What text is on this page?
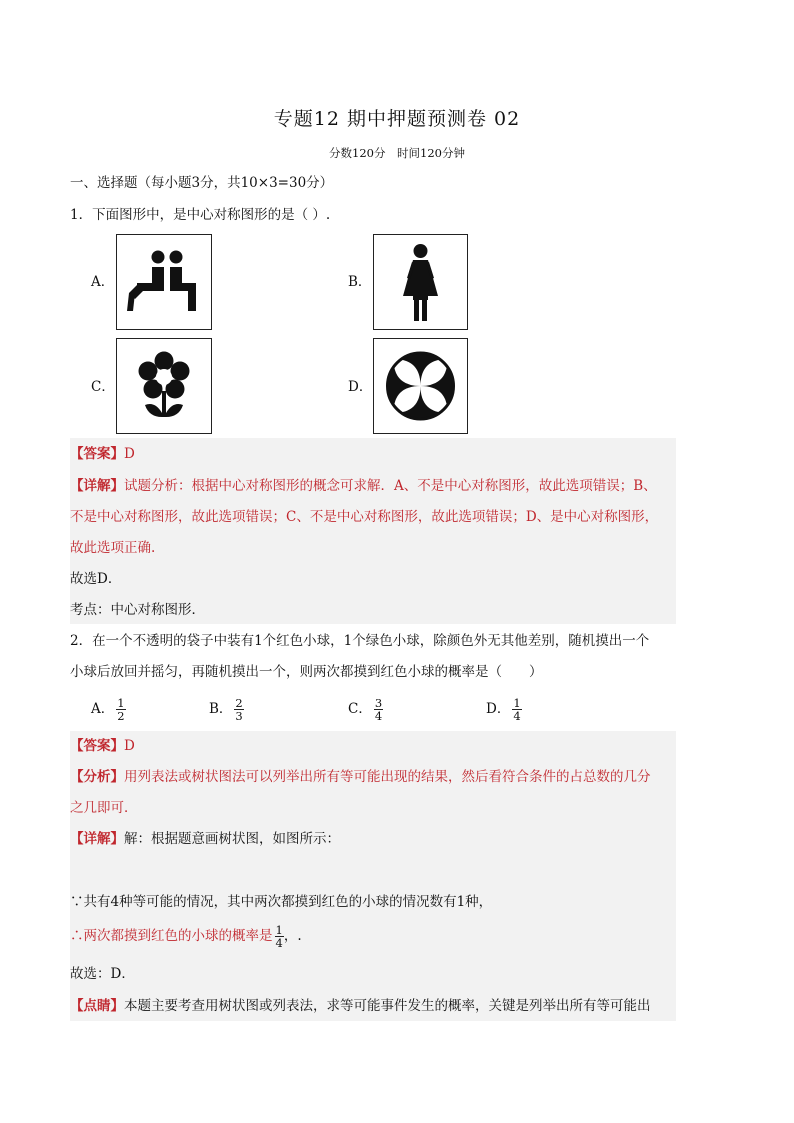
专题12 期中押题预测卷 02
分数120分　时间120分钟
一、选择题（每小题3分，共10×3=30分）
1．下面图形中，是中心对称图形的是（ ）.
A．	B．
C．	D．
【答案】D
【详解】试题分析：根据中心对称图形的概念可求解．A、不是中心对称图形，故此选项错误；B、
不是中心对称图形，故此选项错误；C、不是中心对称图形，故此选项错误；D、是中心对称图形，
故此选项正确.
故选D．
考点：中心对称图形．
2．在一个不透明的袋子中装有1个红色小球，1个绿色小球，除颜色外无其他差别，随机摸出一个
小球后放回并摇匀，再随机摸出一个，则两次都摸到红色小球的概率是（　　）
A． $\frac{1}{2}$	B． $\frac{2}{3}$	C． $\frac{3}{4}$	D． $\frac{1}{4}$
【答案】D
【分析】用列表法或树状图法可以列举出所有等可能出现的结果，然后看符合条件的占总数的几分
之几即可．
【详解】解：根据题意画树状图，如图所示：
∵共有4种等可能的情况，其中两次都摸到红色的小球的情况数有1种，
∴两次都摸到红色的小球的概率是 $\frac{1}{4}$ ，.
故选：D．
【点睛】本题主要考查用树状图或列表法，求等可能事件发生的概率，关键是列举出所有等可能出
